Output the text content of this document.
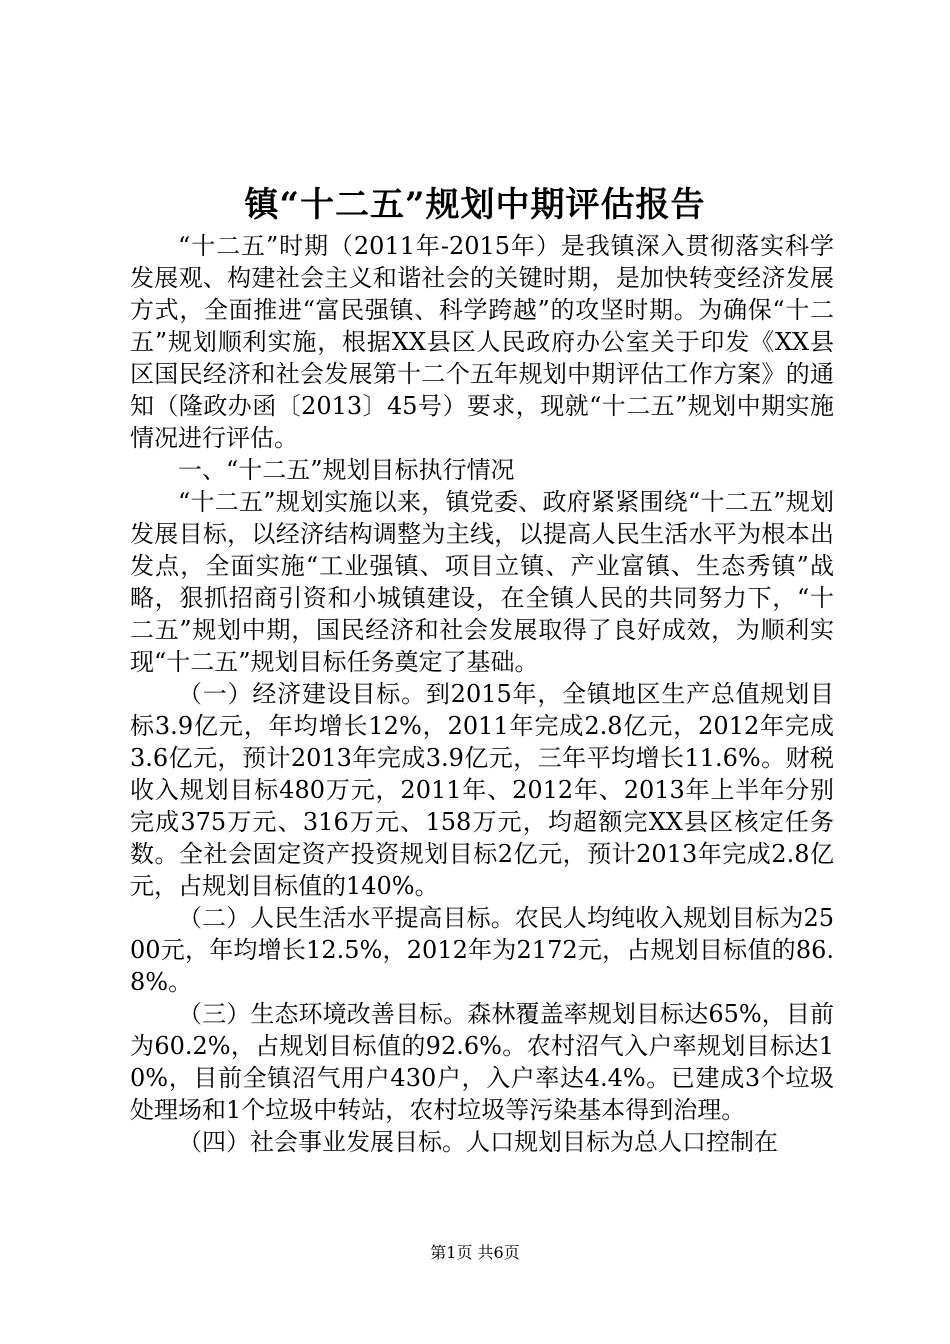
镇“十二五”规划中期评估报告

“十二五”时期（2011年-2015年）是我镇深入贯彻落实科学发展观、构建社会主义和谐社会的关键时期，是加快转变经济发展方式，全面推进“富民强镇、科学跨越”的攻坚时期。为确保“十二五”规划顺利实施，根据XX县区人民政府办公室关于印发《XX县区国民经济和社会发展第十二个五年规划中期评估工作方案》的通知（隆政办函〔2013〕45号）要求，现就“十二五”规划中期实施情况进行评估。

一、“十二五”规划目标执行情况

“十二五”规划实施以来，镇党委、政府紧紧围绕“十二五”规划发展目标，以经济结构调整为主线，以提高人民生活水平为根本出发点，全面实施“工业强镇、项目立镇、产业富镇、生态秀镇”战略，狠抓招商引资和小城镇建设，在全镇人民的共同努力下，“十二五”规划中期，国民经济和社会发展取得了良好成效，为顺利实现“十二五”规划目标任务奠定了基础。

（一）经济建设目标。到2015年，全镇地区生产总值规划目标3.9亿元，年均增长12%，2011年完成2.8亿元，2012年完成3.6亿元，预计2013年完成3.9亿元，三年平均增长11.6%。财税收入规划目标480万元，2011年、2012年、2013年上半年分别完成375万元、316万元、158万元，均超额完XX县区核定任务数。全社会固定资产投资规划目标2亿元，预计2013年完成2.8亿元，占规划目标值的140%。

（二）人民生活水平提高目标。农民人均纯收入规划目标为2500元，年均增长12.5%，2012年为2172元，占规划目标值的86.8%。

（三）生态环境改善目标。森林覆盖率规划目标达65%，目前为60.2%，占规划目标值的92.6%。农村沼气入户率规划目标达10%，目前全镇沼气用户430户，入户率达4.4%。已建成3个垃圾处理场和1个垃圾中转站，农村垃圾等污染基本得到治理。

（四）社会事业发展目标。人口规划目标为总人口控制在

第1页 共6页
